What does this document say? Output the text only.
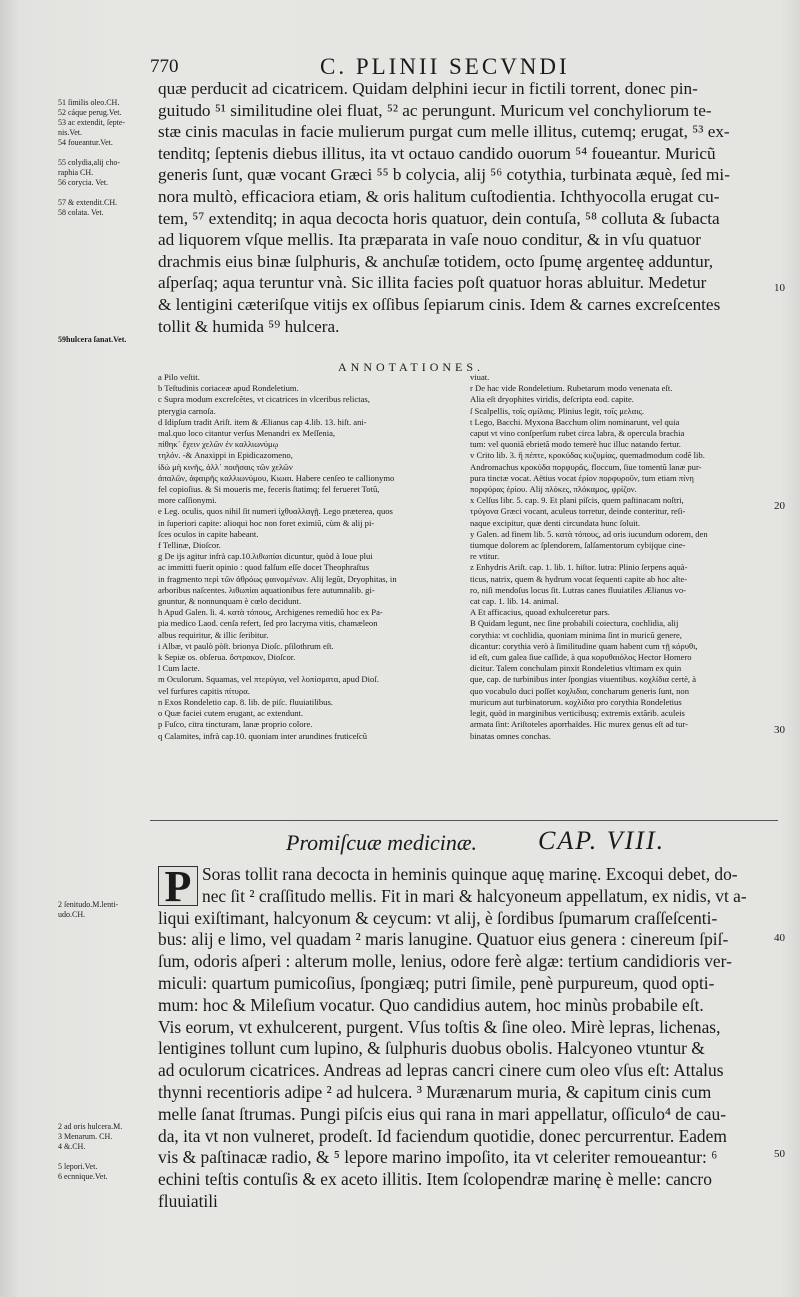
770	C. PLINII SECVNDI
51 ſimilis oleo.CH.
52 cáque perug.Vet.
53 ac extendit, ſepte-
nis.Vet.
54 foueantur.Vet.

55 colydia,alij cho-
raphia CH.
56 corycia. Vet.

57 & extendit.CH.
58 colata. Vet.
59hulcera ſanat.Vet.
2 ſenitudo.M.lenti-
udo.CH.
2 ad oris hulcera.M.
3 Menarum. CH.
4 &.CH.

5 lepori.Vet.
6 ecnnique.Vet.
quæ perducit ad cicatricem. Quidam delphini iecur in fictili torrent, donec pin-
guitudo ⁵¹ similitudine olei fluat, ⁵² ac perungunt. Muricum vel conchyliorum te-
stæ cinis maculas in facie mulierum purgat cum melle illitus, cutemq; erugat, ⁵³ ex-
tenditq; ſeptenis diebus illitus, ita vt octauo candido ouorum ⁵⁴ foueantur. Muricũ
generis ſunt, quæ vocant Græci ⁵⁵ b colycia, alij ⁵⁶ cotythia, turbinata æquè, ſed mi-
nora multò, efficaciora etiam, & oris halitum cuſtodientia. Ichthyocolla erugat cu-
tem, ⁵⁷ extenditq; in aqua decocta horis quatuor, dein contuſa, ⁵⁸ colluta & ſubacta
ad liquorem vſque mellis. Ita præparata in vaſe nouo conditur, & in vſu quatuor
drachmis eius binæ ſulphuris, & anchuſæ totidem, octo ſpumę argenteę adduntur,
aſperſaq; aqua teruntur vnà. Sic illita facies poſt quatuor horas abluitur. Medetur
& lentigini cæteriſque vitijs ex oſſibus ſepiarum cinis. Idem & carnes excreſcentes
tollit & humida ⁵⁹ hulcera.
10
20
30
40
50
ANNOTATIONES.
a Pilo veſtit.
b Teſtudinis coriaceæ apud Rondeletium.
c Supra modum excreſcẽtes, vt cicatrices in vlceribus relictas,
pterygia carnoſa.
d Idipſum tradit Ariſt. item & Ælianus cap 4.lib. 13. hiſt. ani-
mal.quo loco citantur verſus Menandri ex Meſſenia,
πίθηκ᾽ ἔχειν χελῶν ἐν καλλιωνύμῳ
τηλόν. -& Anaxippi in Epidicazomeno,
ἰδὼ μὴ κινῆς, ἀλλ᾽ ποιῆσαις τῶν χελῶν
ἀπαλῶν, ἀφαιρῆς καλλιωνύμου, Κιωαι. Habere cenſeo te callionymo
fel copioſius. & Si moueris me, feceris ſtatimq; fel ferueret Totũ,
more caſſionymi.
e Leg. oculis, quos nihil ſit numeri ἰχθυαλλαγῇ. Lego præterea, quos
in ſuperiori capite: alioqui hoc non foret eximiũ, cùm & alij pi-
ſces oculos in capite habeant.
f Tellinæ, Dioſcor.
g De ijs agitur infrà cap.10.λιθωπίαι dicuntur, quòd à Ioue plui
ac immitti fuerit opinio : quod falſum eſſe docet Theophraſtus
in fragmento περὶ τῶν ἀθρόως φαινομένων. Alij legũt, Dryophitas, in
arboribus naſcentes. λιθωπίαι aquationibus fere autumnalib. gi-
gnuntur, & nonnunquam è cœlo decidunt.
h Apud Galen. li. 4. κατὰ τόπους, Archigenes remediũ hoc ex Pa-
pia medico Laod. cenſa refert, ſed pro lacryma vitis, chamæleon
albus requiritur, & illic ſeribitur.
i Albæ, vt paulò pòſt. brionya Dioſc. pſilothrum eſt.
k Sepiæ os. obſerua. ὄστρακον, Dioſcor.
l Cum lacte.
m Oculorum. Squamas, vel πτερύγια, vel λοπίσματα, apud Dioſ.
vel furfures capitis πίτυρα.
n Exos Rondeletio cap. 8. lib. de piſc. fluuiatilibus.
o Quæ faciei cutem erugant, ac extendunt.
p Fuſco, citra tincturam, lanæ proprio colore.
q Calamites, infrà cap.10. quoniam inter arundines fruticeſcũ
viuat.
r De hac vide Rondeletium. Rubetarum modo venenata eſt.
Alia eſt dryophites viridis, deſcripta eod. capite.
ſ Scalpellis, τοῖς σμίλαις. Plinius legit, τοῖς μελαις.
t Lego, Bacchi. Myxona Bacchum olim nominarunt, vel quia
caput vt vino conſperſum rubet circa labra, & opercula brachia
tum: vel quoniã ebrietã modo temerè huc illuc natando fertur.
v Crito lib. 3. ἢ πέπτε, κροκύδας κυζυμίας, quemadmodum codẽ lib.
Andromachus κροκύδα πορφυρᾶς, floccum, ſiue tomentũ lanæ pur-
pura tinctæ vocat. Aëtius vocat ἐρίον πορφυροῦν, tum etiam πίνη
πορφύρας ἐρίου. Alij πλόκες, πλόκαμος, φρίζον.
x Celſus libr. 5. cap. 9. Et plani piſcis, quem paſtinacam noſtri,
τρύγονα Græci vocant, aculeus torretur, deinde conteritur, reſi-
naque excipitur, quæ denti circundata hunc ſoluit.
y Galen. ad finem lib. 5. κατὰ τόπους, ad oris iucundum odorem, den
tiumque dolorem ac ſplendorem, ſalſamentorum cybijque cine-
re vtitur.
z Enhydris Ariſt. cap. 1. lib. 1. hiſtor. lutra: Plinio ſerpens aquà-
ticus, natrix, quem & hydrum vocat ſequenti capite ab hoc alte-
ro, niſi mendoſus locus ſit. Lutras canes fluuiatiles Ælianus vo-
cat cap. 1. lib. 14. animal.
A Et afficacius, quoad exhulceretur pars.
B Quidam legunt, nec ſine probabili coiectura, cochlidia, alij
corythia: vt cochlidia, quoniam minima ſint in muricũ genere,
dicantur: corythia verò à ſimilitudine quam habent cum τῇ κόρυθι,
id eſt, cum galea ſiue caſſide, à qua κορυθαιόλος Hector Homero
dicitur. Talem conchulam pinxit Rondeletius vltimam ex quin
que, cap. de turbinibus inter ſpongias viuentibus. κοχλίδια certè, à
quo vocabulo duci poſſet κοχλιδια, concharum generis ſunt, non
muricum aut turbinatorum. κοχλίδια pro corythia Rondeletius
legit, quòd in marginibus verticibusq; extremis extãrib. aculeis
armata ſint: Ariſtoteles aporrhaïdes. Hic murex genus eſt ad tur-
binatas omnes conchas.
Promiſcuæ medicinæ. CAP. VIII.
P Soras tollit rana decocta in heminis quinque aquę marinę. Excoqui debet, do-
nec ſit ² craſſitudo mellis. Fit in mari & halcyoneum appellatum, ex nidis, vt a-
liqui exiſtimant, halcyonum & ceycum: vt alij, è ſordibus ſpumarum craſſeſcenti-
bus: alij e limo, vel quadam ² maris lanugine. Quatuor eius genera : cinereum ſpiſ-
ſum, odoris aſperi : alterum molle, lenius, odore ferè algæ: tertium candidioris ver-
miculi: quartum pumicoſius, ſpongiæq; putri ſimile, penè purpureum, quod opti-
mum: hoc & Mileſium vocatur. Quo candidius autem, hoc minùs probabile eſt.
Vis eorum, vt exhulcerent, purgent. Vſus toſtis & ſine oleo. Mirè lepras, lichenas,
lentigines tollunt cum lupino, & ſulphuris duobus obolis. Halcyoneo vtuntur &
ad oculorum cicatrices. Andreas ad lepras cancri cinere cum oleo vſus eſt: Attalus
thynni recentioris adipe ² ad hulcera. ³ Murænarum muria, & capitum cinis cum
melle ſanat ſtrumas. Pungi piſcis eius qui rana in mari appellatur, oſſiculo⁴ de cau-
da, ita vt non vulneret, prodeſt. Id faciendum quotidie, donec percurrentur. Eadem
vis & paſtinacæ radio, & ⁵ lepore marino impoſito, ita vt celeriter remoueantur: ⁶
echini teſtis contuſis & ex aceto illitis. Item ſcolopendræ marinę è melle: cancro
fluuiatili
